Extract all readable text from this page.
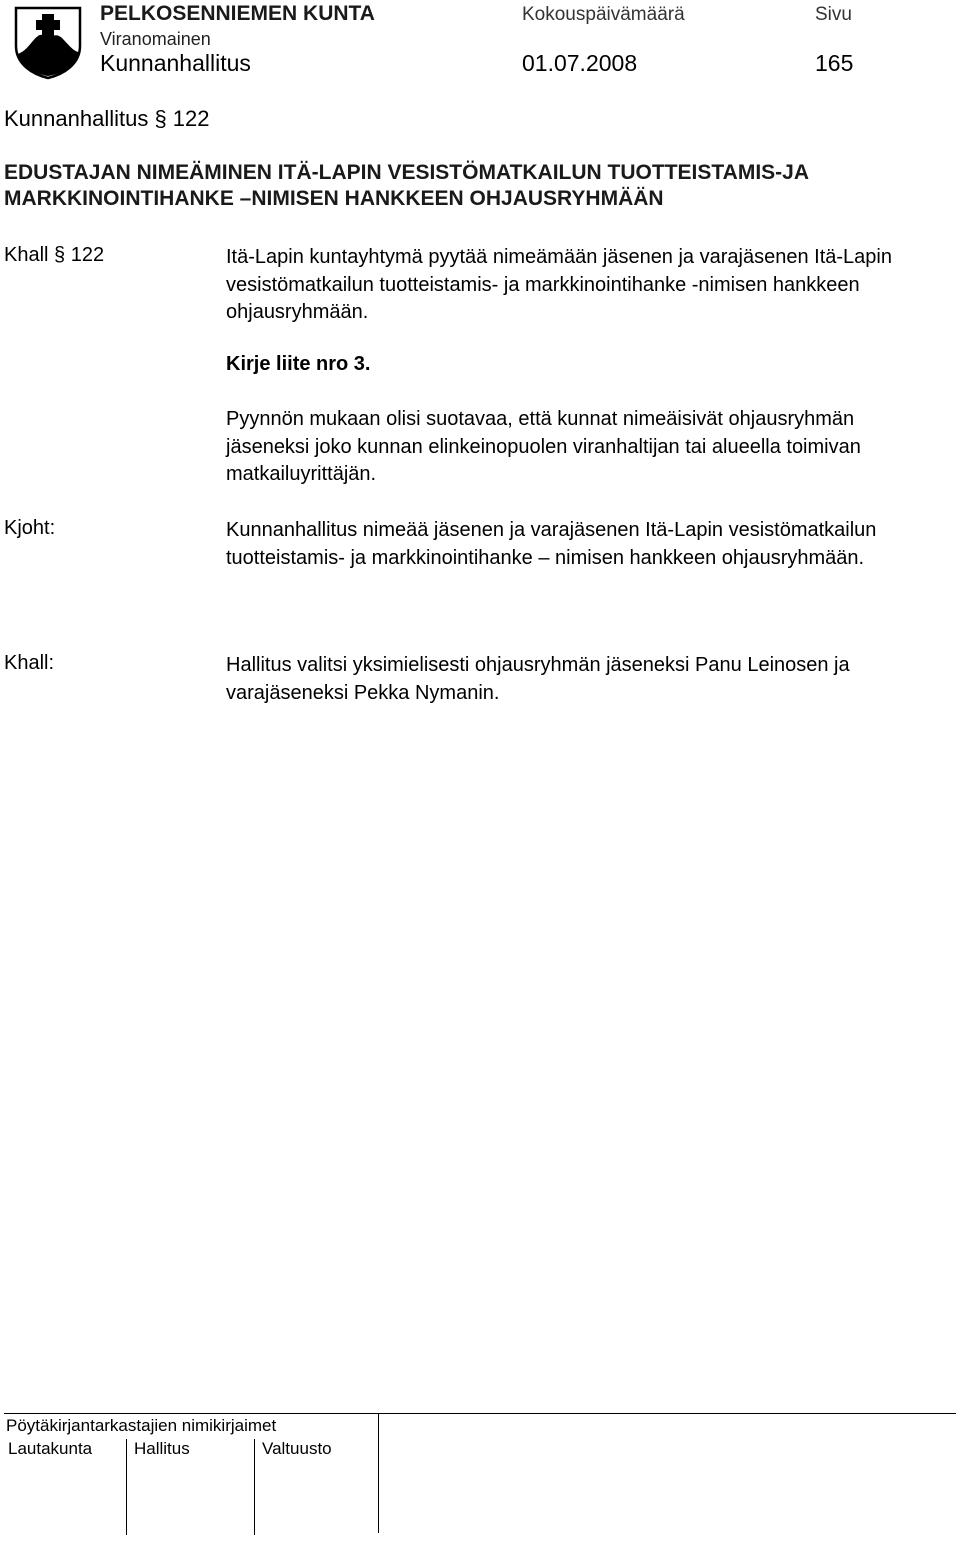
PELKOSENNIEMEN KUNTA
Viranomainen
Kunnanhallitus
Kokouspäivämäärä
01.07.2008
Sivu
165
Kunnanhallitus § 122
EDUSTAJAN NIMEÄMINEN ITÄ-LAPIN VESISTÖMATKAILUN TUOTTEISTAMIS-JA MARKKINOINTIHANKE –NIMISEN HANKKEEN OHJAUSRYHMÄÄN
Khall § 122	Itä-Lapin kuntayhtymä pyytää nimeämään jäsenen ja varajäsenen Itä-Lapin vesistömatkailun tuotteistamis- ja markkinointihanke -nimisen hankkeen ohjausryhmään.
Kirje liite nro 3.
Pyynnön mukaan olisi suotavaa, että kunnat nimeäisivät ohjausryhmän jäseneksi joko kunnan elinkeinopuolen viranhaltijan tai alueella toimivan matkailuyrittäjän.
Kjoht:	Kunnanhallitus nimeää jäsenen ja varajäsenen Itä-Lapin vesistömatkailun tuotteistamis- ja markkinointihanke – nimisen hankkeen ohjausryhmään.
Khall:	Hallitus valitsi yksimielisesti ohjausryhmän jäseneksi Panu Leinosen ja varajäseneksi Pekka Nymanin.
Pöytäkirjantarkastajien nimikirjaimet
Lautakunta Hallitus	Valtuusto
